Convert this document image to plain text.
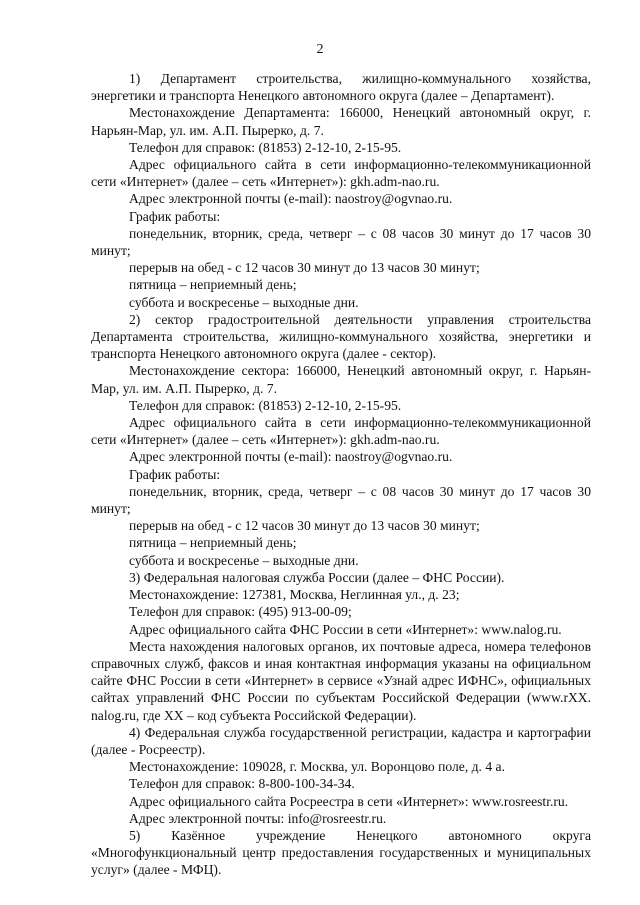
2

1) Департамент строительства, жилищно-коммунального хозяйства, энергетики и транспорта Ненецкого автономного округа (далее – Департамент).

Местонахождение Департамента: 166000, Ненецкий автономный округ, г. Нарьян-Мар, ул. им. А.П. Пырерко, д. 7.

Телефон для справок: (81853) 2-12-10, 2-15-95.

Адрес официального сайта в сети информационно-телекоммуникационной сети «Интернет» (далее – сеть «Интернет»): gkh.adm-nao.ru.

Адрес электронной почты (e-mail): naostroy@ogvnao.ru.

График работы:

понедельник, вторник, среда, четверг – с 08 часов 30 минут до 17 часов 30 минут;

перерыв на обед - с 12 часов 30 минут до 13 часов 30 минут;

пятница – неприемный день;

суббота и воскресенье – выходные дни.

2) сектор градостроительной деятельности управления строительства Департамента строительства, жилищно-коммунального хозяйства, энергетики и транспорта Ненецкого автономного округа (далее - сектор).

Местонахождение сектора: 166000, Ненецкий автономный округ, г. Нарьян-Мар, ул. им. А.П. Пырерко, д. 7.

Телефон для справок: (81853) 2-12-10, 2-15-95.

Адрес официального сайта в сети информационно-телекоммуникационной сети «Интернет» (далее – сеть «Интернет»): gkh.adm-nao.ru.

Адрес электронной почты (e-mail): naostroy@ogvnao.ru.

График работы:

понедельник, вторник, среда, четверг – с 08 часов 30 минут до 17 часов 30 минут;

перерыв на обед - с 12 часов 30 минут до 13 часов 30 минут;

пятница – неприемный день;

суббота и воскресенье – выходные дни.

3) Федеральная налоговая служба России (далее – ФНС России).

Местонахождение: 127381, Москва, Неглинная ул., д. 23;

Телефон для справок: (495) 913-00-09;

Адрес официального сайта ФНС России в сети «Интернет»: www.nalog.ru.

Места нахождения налоговых органов, их почтовые адреса, номера телефонов справочных служб, факсов и иная контактная информация указаны на официальном сайте ФНС России в сети «Интернет» в сервисе «Узнай адрес ИФНС», официальных сайтах управлений ФНС России по субъектам Российской Федерации (www.rXX. nalog.ru, где XX – код субъекта Российской Федерации).

4) Федеральная служба государственной регистрации, кадастра и картографии (далее - Росреестр).

Местонахождение: 109028, г. Москва, ул. Воронцово поле, д. 4 а.

Телефон для справок: 8-800-100-34-34.

Адрес официального сайта Росреестра в сети «Интернет»: www.rosreestr.ru.

Адрес электронной почты: info@rosreestr.ru.

5) Казённое учреждение Ненецкого автономного округа «Многофункциональный центр предоставления государственных и муниципальных услуг» (далее - МФЦ).
